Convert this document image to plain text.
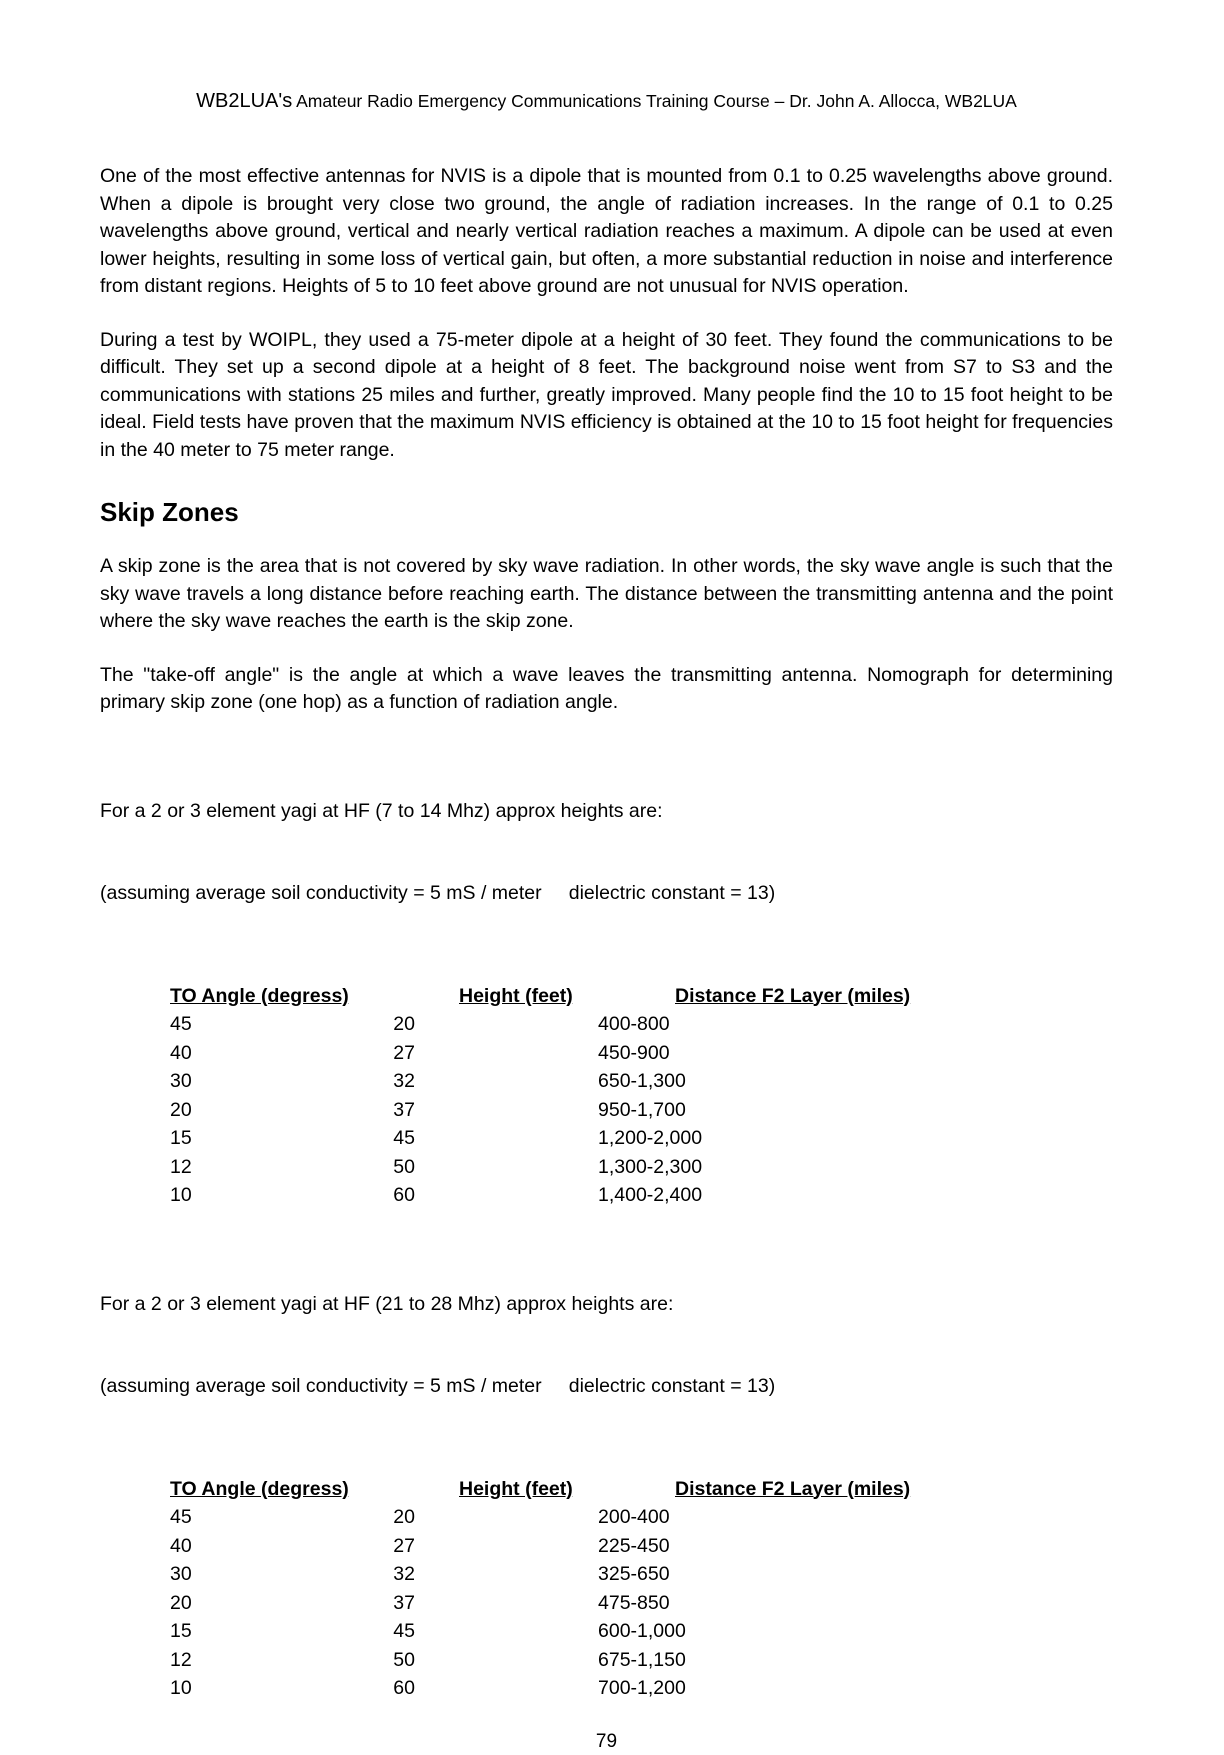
WB2LUA's Amateur Radio Emergency Communications Training Course – Dr. John A. Allocca, WB2LUA

One of the most effective antennas for NVIS is a dipole that is mounted from 0.1 to 0.25 wavelengths above ground. When a dipole is brought very close two ground, the angle of radiation increases. In the range of 0.1 to 0.25 wavelengths above ground, vertical and nearly vertical radiation reaches a maximum. A dipole can be used at even lower heights, resulting in some loss of vertical gain, but often, a more substantial reduction in noise and interference from distant regions. Heights of 5 to 10 feet above ground are not unusual for NVIS operation.

During a test by WOIPL, they used a 75-meter dipole at a height of 30 feet. They found the communications to be difficult. They set up a second dipole at a height of 8 feet. The background noise went from S7 to S3 and the communications with stations 25 miles and further, greatly improved. Many people find the 10 to 15 foot height to be ideal. Field tests have proven that the maximum NVIS efficiency is obtained at the 10 to 15 foot height for frequencies in the 40 meter to 75 meter range.

Skip Zones

A skip zone is the area that is not covered by sky wave radiation. In other words, the sky wave angle is such that the sky wave travels a long distance before reaching earth. The distance between the transmitting antenna and the point where the sky wave reaches the earth is the skip zone.

The "take-off angle" is the angle at which a wave leaves the transmitting antenna. Nomograph for determining primary skip zone (one hop) as a function of radiation angle.

For a 2 or 3 element yagi at HF (7 to 14 Mhz) approx heights are:

(assuming average soil conductivity = 5 mS / meter     dielectric constant = 13)

TO Angle (degress)	Height (feet)	Distance F2 Layer (miles)
45	20	400-800
40	27	450-900
30	32	650-1,300
20	37	950-1,700
15	45	1,200-2,000
12	50	1,300-2,300
10	60	1,400-2,400

For a 2 or 3 element yagi at HF (21 to 28 Mhz) approx heights are:

(assuming average soil conductivity = 5 mS / meter     dielectric constant = 13)

TO Angle (degress)	Height (feet)	Distance F2 Layer (miles)
45	20	200-400
40	27	225-450
30	32	325-650
20	37	475-850
15	45	600-1,000
12	50	675-1,150
10	60	700-1,200
79
